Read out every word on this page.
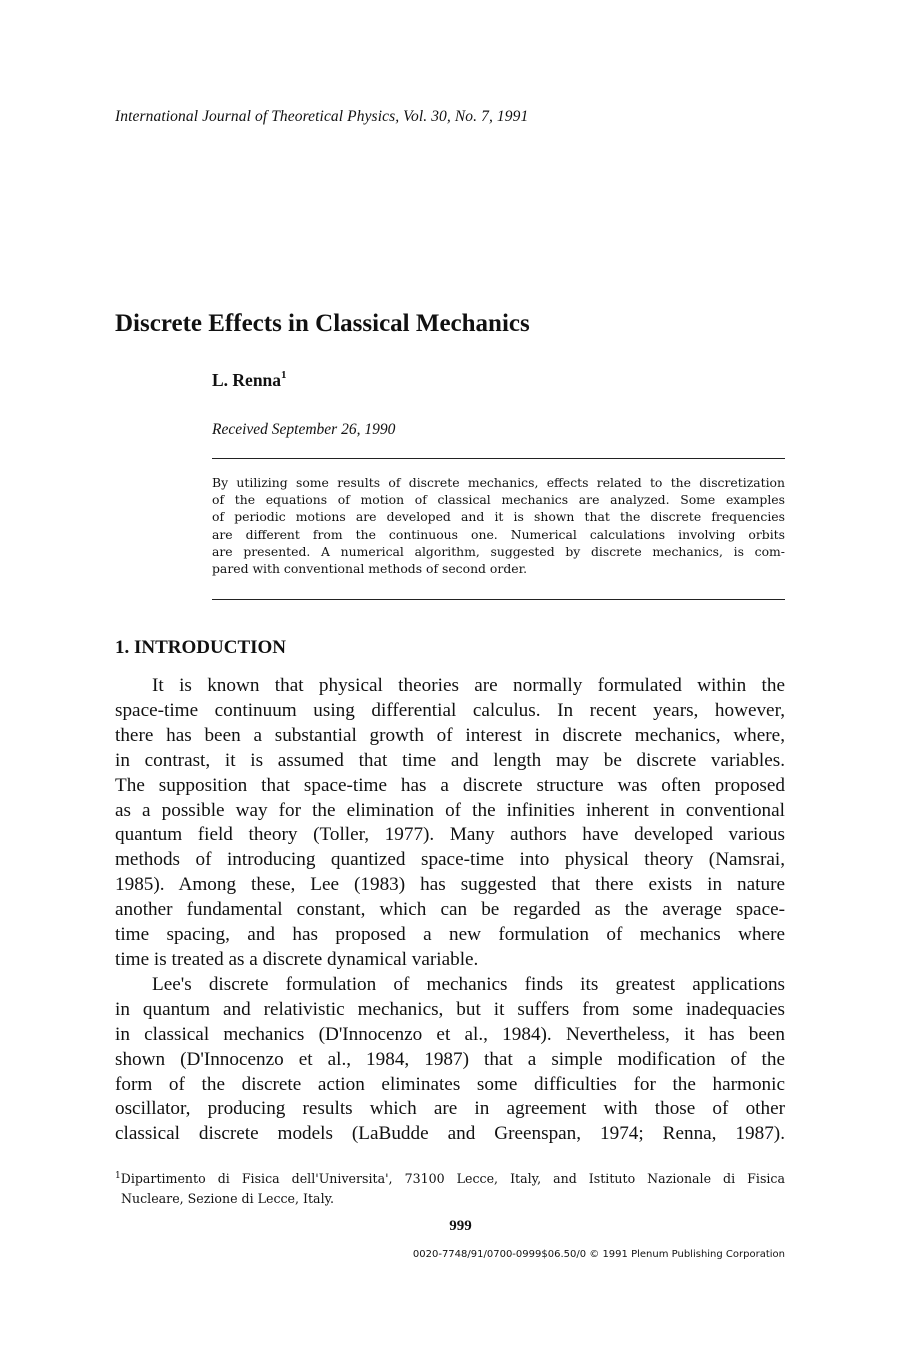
International Journal of Theoretical Physics, Vol. 30, No. 7, 1991
Discrete Effects in Classical Mechanics
L. Renna$^1$
Received September 26, 1990
By utilizing some results of discrete mechanics, effects related to the discretization
of the equations of motion of classical mechanics are analyzed. Some examples
of periodic motions are developed and it is shown that the discrete frequencies
are different from the continuous one. Numerical calculations involving orbits
are presented. A numerical algorithm, suggested by discrete mechanics, is com-
pared with conventional methods of second order.
1. INTRODUCTION
It is known that physical theories are normally formulated within the
space-time continuum using differential calculus. In recent years, however,
there has been a substantial growth of interest in discrete mechanics, where,
in contrast, it is assumed that time and length may be discrete variables.
The supposition that space-time has a discrete structure was often proposed
as a possible way for the elimination of the infinities inherent in conventional
quantum field theory (Toller, 1977). Many authors have developed various
methods of introducing quantized space-time into physical theory (Namsrai,
1985). Among these, Lee (1983) has suggested that there exists in nature
another fundamental constant, which can be regarded as the average space-
time spacing, and has proposed a new formulation of mechanics where
time is treated as a discrete dynamical variable.
Lee's discrete formulation of mechanics finds its greatest applications
in quantum and relativistic mechanics, but it suffers from some inadequacies
in classical mechanics (D'Innocenzo et al., 1984). Nevertheless, it has been
shown (D'Innocenzo et al., 1984, 1987) that a simple modification of the
form of the discrete action eliminates some difficulties for the harmonic
oscillator, producing results which are in agreement with those of other
classical discrete models (LaBudde and Greenspan, 1974; Renna, 1987).
$^1$Dipartimento di Fisica dell'Universita', 73100 Lecce, Italy, and Istituto Nazionale di Fisica
Nucleare, Sezione di Lecce, Italy.
999
0020-7748/91/0700-0999$06.50/0 © 1991 Plenum Publishing Corporation
